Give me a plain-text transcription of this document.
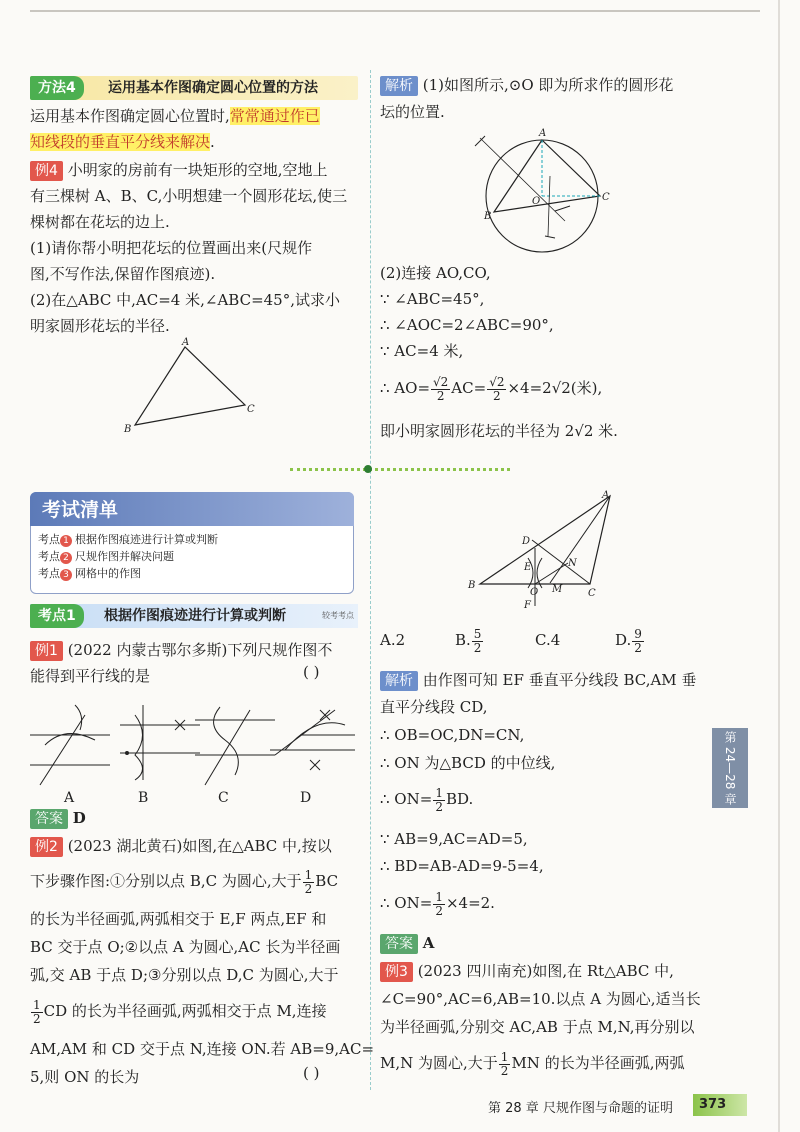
方法4	运用基本作图确定圆心位置的方法
运用基本作图确定圆心位置时,常常通过作已
知线段的垂直平分线来解决.
例4 小明家的房前有一块矩形的空地,空地上
有三棵树 A、B、C,小明想建一个圆形花坛,使三
棵树都在花坛的边上.
(1)请你帮小明把花坛的位置画出来(尺规作
图,不写作法,保留作图痕迹).
(2)在△ABC 中,AC=4 米,∠ABC=45°,试求小
明家圆形花坛的半径.
A
B
C
考试清单
考点 1 根据作图痕迹进行计算或判断
考点 2 尺规作图并解决问题
考点 3 网格中的作图
考点1	根据作图痕迹进行计算或判断	较考考点
例1 (2022 内蒙古鄂尔多斯)下列尺规作图不
能得到平行线的是	( )
A	B	C	D
答案 D
例2 (2023 湖北黄石)如图,在△ABC 中,按以
下步骤作图:①分别以点 B,C 为圆心,大于 $\frac{1}{2}$ BC
的长为半径画弧,两弧相交于 E,F 两点,EF 和
BC 交于点 O;②以点 A 为圆心,AC 长为半径画
弧,交 AB 于点 D;③分别以点 D,C 为圆心,大于
$\frac{1}{2}$ CD 的长为半径画弧,两弧相交于点 M,连接
AM,AM 和 CD 交于点 N,连接 ON.若 AB=9,AC=
5,则 ON 的长为	( )
解析 (1)如图所示,⊙O 即为所求作的圆形花
坛的位置.
A
B
C
O
(2)连接 AO,CO,
∵ ∠ABC=45°,
∴ ∠AOC=2∠ABC=90°,
∵ AC=4 米,
∴ $AO= \frac{√2}{2} AC= \frac{√2}{2} \times 4=2√2$(米),
即小明家圆形花坛的半径为 2√2 米.
A
B
C
D
E
F
N
M
O
A.2	B. $\frac{5}{2}$	C.4	D. $\frac{9}{2}$
解析 由作图可知 EF 垂直平分线段 BC,AM 垂
直平分线段 CD,
∴ OB=OC,DN=CN,
∴ ON 为△BCD 的中位线,
∴ $ON= \frac{1}{2}$ BD.
∵ AB=9,AC=AD=5,
∴ BD=AB-AD=9-5=4,
∴ $ON= \frac{1}{2} \times 4=2$.
答案 A
例3 (2023 四川南充)如图,在 Rt△ABC 中,
∠C=90°,AC=6,AB=10.以点 A 为圆心,适当长
为半径画弧,分别交 AC,AB 于点 M,N,再分别以
M,N 为圆心,大于 $\frac{1}{2}$ MN 的长为半径画弧,两弧
第 24—28 章
第 28 章 尺规作图与命题的证明	373
